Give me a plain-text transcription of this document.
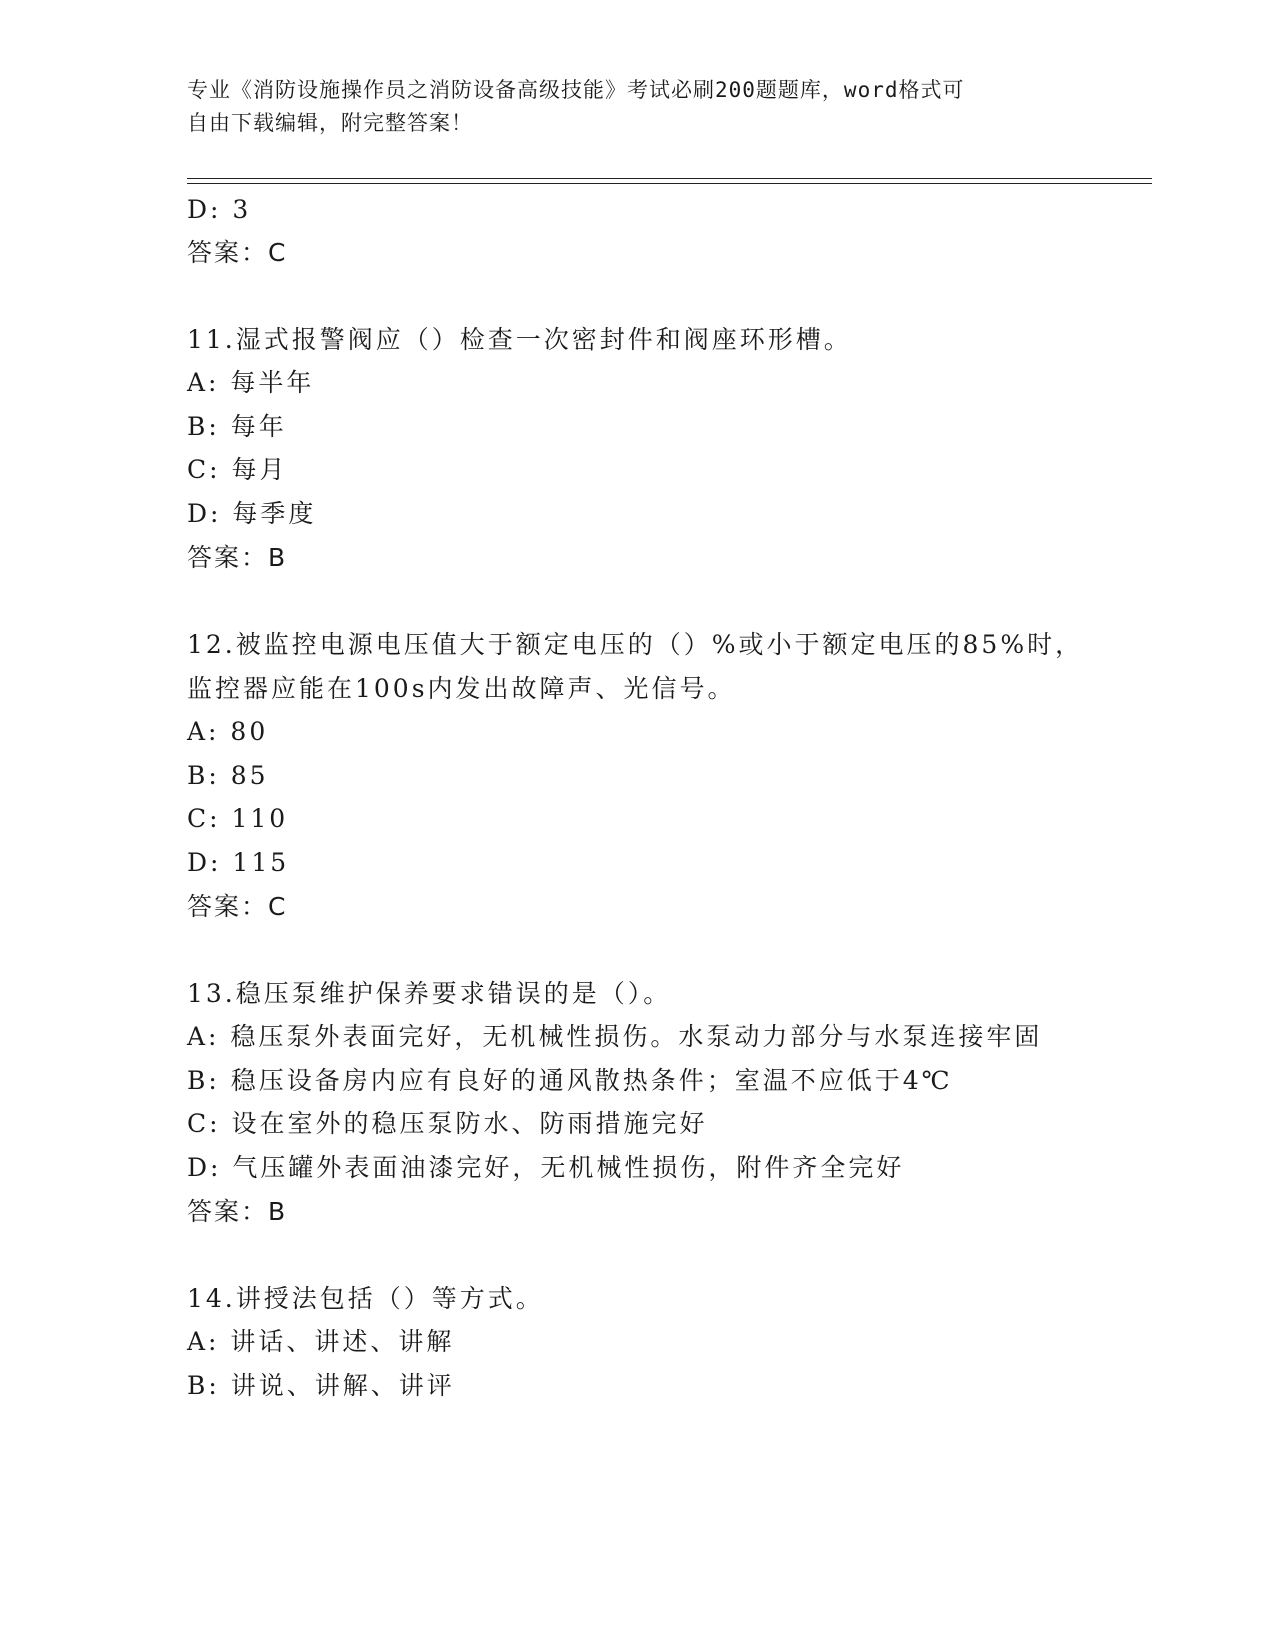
专业《消防设施操作员之消防设备高级技能》考试必刷200题题库，word格式可
自由下载编辑，附完整答案！
D: 3
答案：C
11.湿式报警阀应（）检查一次密封件和阀座环形槽。
A: 每半年
B: 每年
C: 每月
D: 每季度
答案：B
12.被监控电源电压值大于额定电压的（）%或小于额定电压的85%时，
监控器应能在100s内发出故障声、光信号。
A: 80
B: 85
C: 110
D: 115
答案：C
13.稳压泵维护保养要求错误的是（）。
A: 稳压泵外表面完好，无机械性损伤。水泵动力部分与水泵连接牢固
B: 稳压设备房内应有良好的通风散热条件；室温不应低于4℃
C: 设在室外的稳压泵防水、防雨措施完好
D: 气压罐外表面油漆完好，无机械性损伤，附件齐全完好
答案：B
14.讲授法包括（）等方式。
A: 讲话、讲述、讲解
B: 讲说、讲解、讲评
